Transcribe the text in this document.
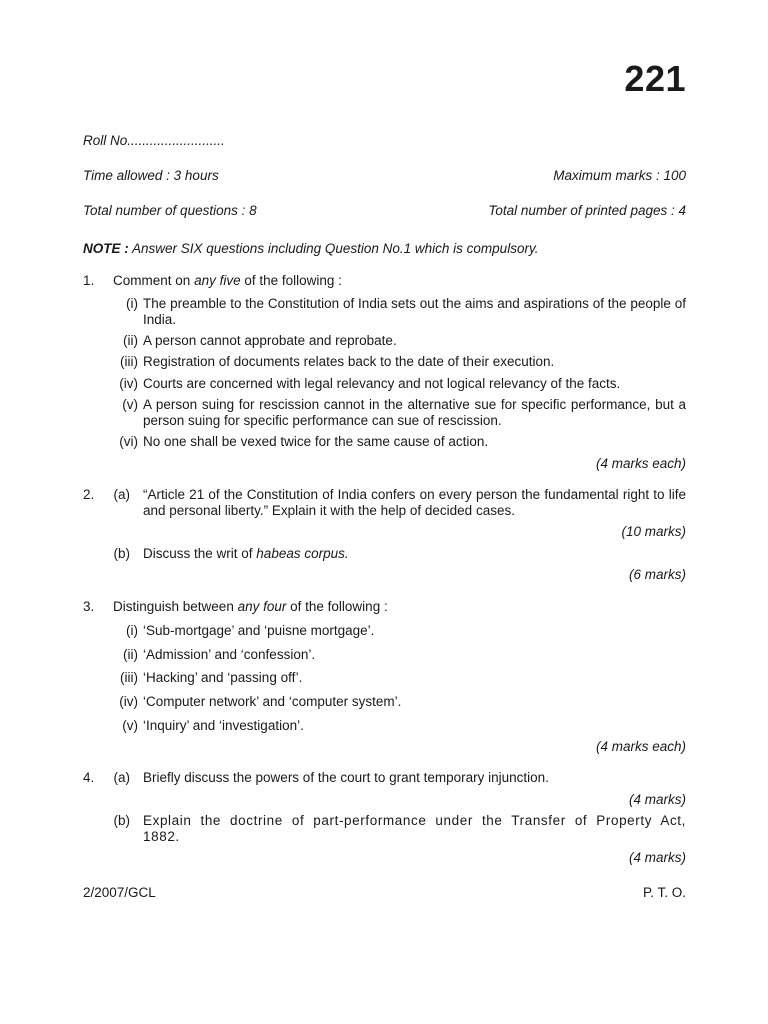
221
Roll No..........................
Time allowed : 3 hours	Maximum marks : 100
Total number of questions : 8	Total number of printed pages : 4
NOTE : Answer SIX questions including Question No.1 which is compulsory.
1. Comment on any five of the following :
(i) The preamble to the Constitution of India sets out the aims and aspirations of the people of India.
(ii) A person cannot approbate and reprobate.
(iii) Registration of documents relates back to the date of their execution.
(iv) Courts are concerned with legal relevancy and not logical relevancy of the facts.
(v) A person suing for rescission cannot in the alternative sue for specific performance, but a person suing for specific performance can sue of rescission.
(vi) No one shall be vexed twice for the same cause of action.
(4 marks each)
2.	(a) “Article 21 of the Constitution of India confers on every person the fundamental right to life and personal liberty.” Explain it with the help of decided cases.
(10 marks)
(b) Discuss the writ of habeas corpus.
(6 marks)
3. Distinguish between any four of the following :
(i) ‘Sub-mortgage’ and ‘puisne mortgage’.
(ii) ‘Admission’ and ‘confession’.
(iii) ‘Hacking’ and ‘passing off’.
(iv) ‘Computer network’ and ‘computer system’.
(v) ‘Inquiry’ and ‘investigation’.
(4 marks each)
4.	(a) Briefly discuss the powers of the court to grant temporary injunction.
(4 marks)
(b) Explain the doctrine of part-performance under the Transfer of Property Act, 1882.
(4 marks)
2/2007/GCL	P. T. O.
